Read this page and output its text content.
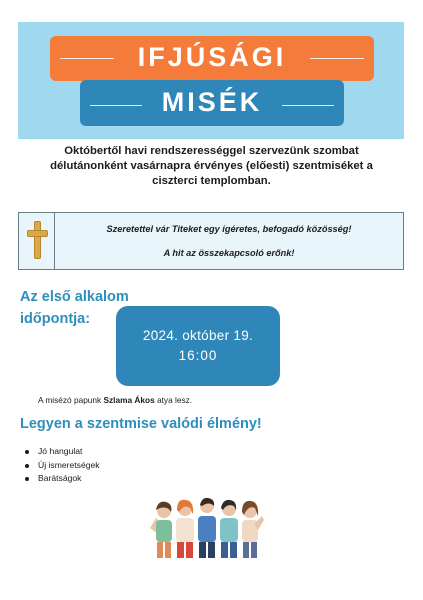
IFJÚSÁGI
MISÉK
Októbertől havi rendszerességgel szervezünk szombat délutánonként vasárnapra érvényes (előesti) szentmiséket a ciszterci templomban.
Szeretettel vár Titeket egy ígéretes, befogadó közösség!
A hit az összekapcsoló erőnk!
Az első alkalom
időpontja:
2024. október 19.
16:00
A misézó papunk Szlama Ákos atya lesz.
Legyen a szentmise valódi élmény!
Jó hangulat
Új ismeretségek
Barátságok
